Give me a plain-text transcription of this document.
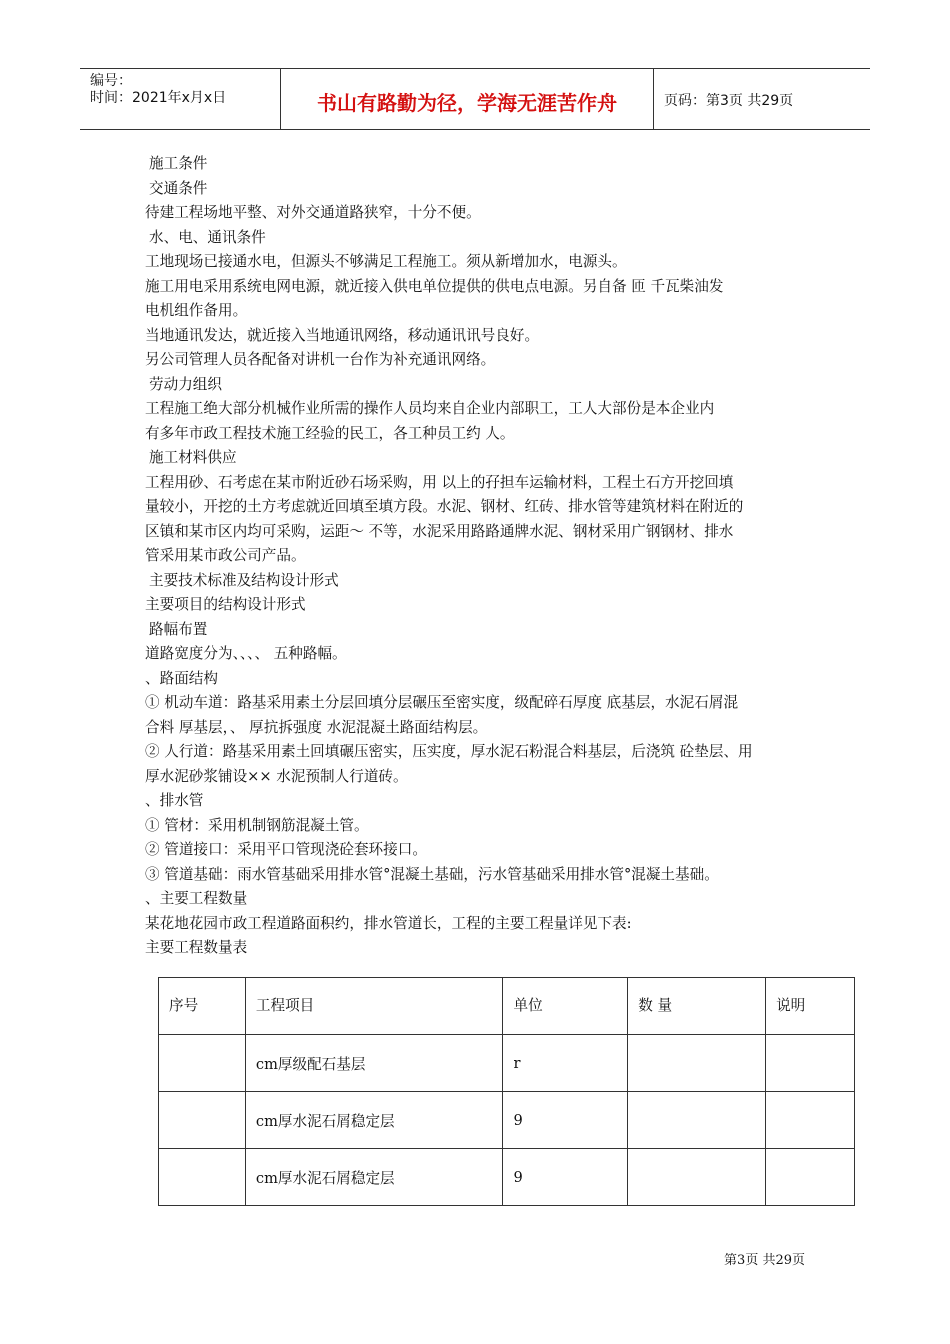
编号：
时间：2021年x月x日	书山有路勤为径，学海无涯苦作舟	页码：第3页 共29页
施工条件
交通条件
待建工程场地平整、对外交通道路狭窄，十分不便。
水、电、通讯条件
工地现场已接通水电，但源头不够满足工程施工。须从新增加水，电源头。
施工用电采用系统电网电源，就近接入供电单位提供的供电点电源。另自备 匝 千瓦柴油发
电机组作备用。
当地通讯发达，就近接入当地通讯网络，移动通讯讯号良好。
另公司管理人员各配备对讲机一台作为补充通讯网络。
劳动力组织
工程施工绝大部分机械作业所需的操作人员均来自企业内部职工，工人大部份是本企业内
有多年市政工程技术施工经验的民工，各工种员工约 人。
施工材料供应
工程用砂、石考虑在某市附近砂石场采购，用 以上的孖担车运输材料，工程土石方开挖回填
量较小，开挖的土方考虑就近回填至填方段。水泥、钢材、红砖、排水管等建筑材料在附近的
区镇和某市区内均可采购，运距～ 不等，水泥采用路路通牌水泥、钢材采用广钢钢材、排水
管采用某市政公司产品。
主要技术标准及结构设计形式
主要项目的结构设计形式
路幅布置
道路宽度分为、、、、 五种路幅。
、路面结构
① 机动车道：路基采用素土分层回填分层碾压至密实度，级配碎石厚度 底基层，水泥石屑混
合料 厚基层，、 厚抗拆强度 水泥混凝土路面结构层。
② 人行道：路基采用素土回填碾压密实，压实度，厚水泥石粉混合料基层，后浇筑 砼垫层、用
厚水泥砂浆铺设×× 水泥预制人行道砖。
、排水管
① 管材：采用机制钢筋混凝土管。
② 管道接口：采用平口管现浇砼套环接口。
③ 管道基础：雨水管基础采用排水管°混凝土基础，污水管基础采用排水管°混凝土基础。
、主要工程数量
某花地花园市政工程道路面积约，排水管道长，工程的主要工程量详见下表:
主要工程数量表
序号	工程项目	单位	数 量	说明
	cm厚级配石基层	r		
	cm厚水泥石屑稳定层	9		
	cm厚水泥石屑稳定层	9		
第3页 共29页
